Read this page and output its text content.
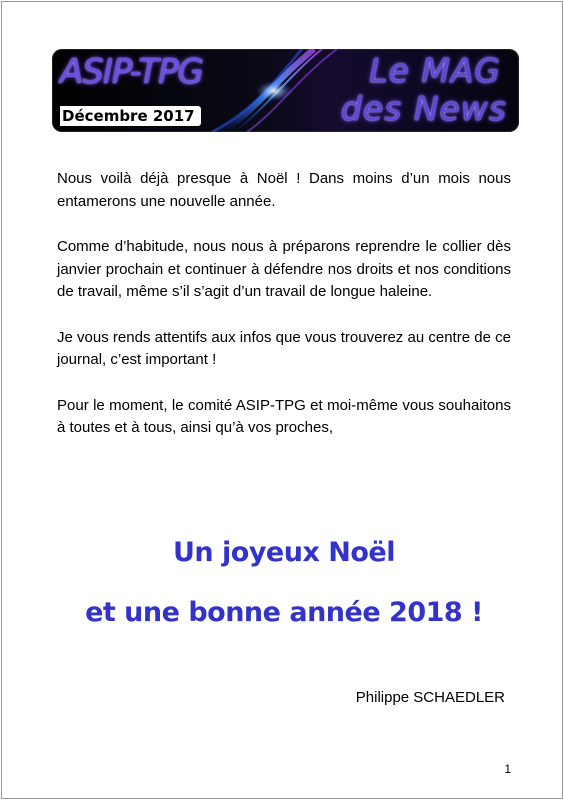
ASIP-TPG	Le MAG
des News
Décembre 2017

Nous voilà déjà presque à Noël ! Dans moins d’un mois nous entamerons une nouvelle année.

Comme d’habitude, nous nous à préparons reprendre le collier dès janvier prochain et continuer à défendre nos droits et nos conditions de travail, même s’il s’agit d’un travail de longue haleine.

Je vous rends attentifs aux infos que vous trouverez au centre de ce journal, c’est important !

Pour le moment, le comité ASIP-TPG et moi-même vous souhaitons à toutes et à tous, ainsi qu’à vos proches,

Un joyeux Noël
et une bonne année 2018 !
Philippe SCHAEDLER
1
